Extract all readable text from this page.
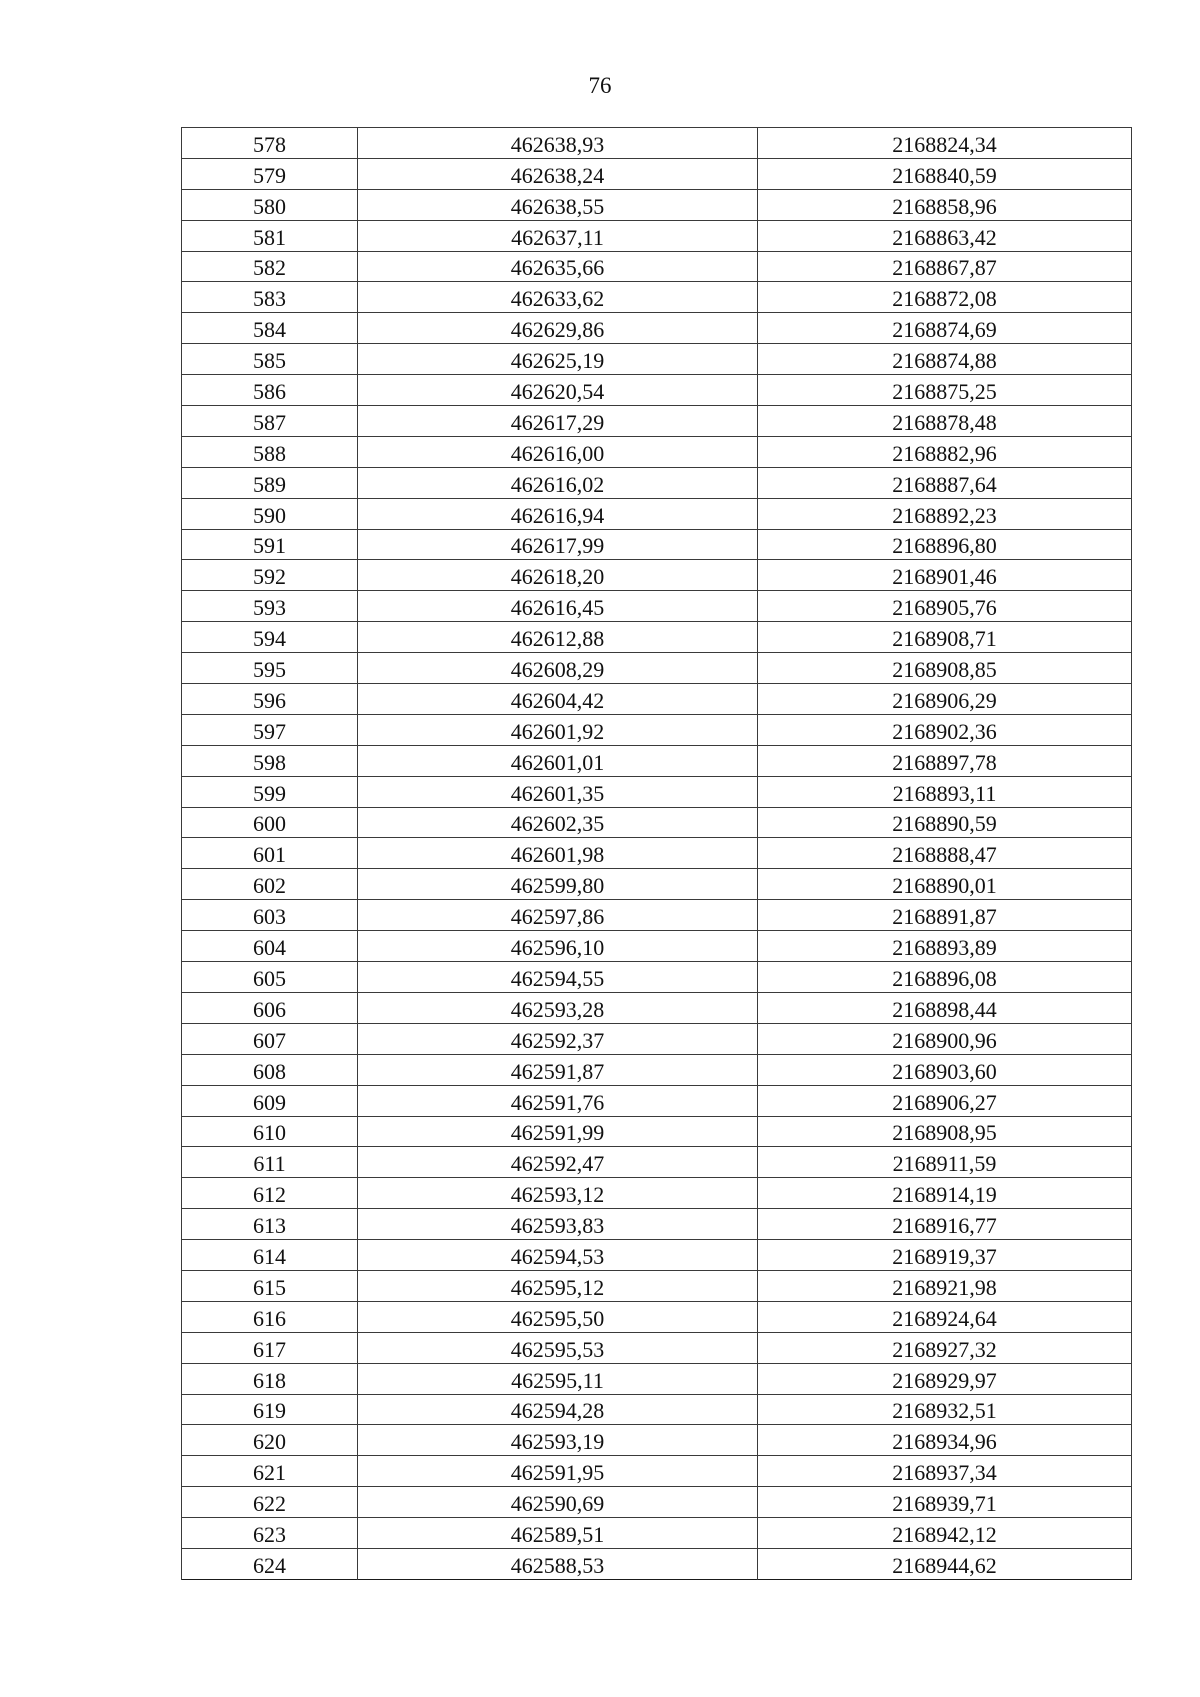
76
578	462638,93	2168824,34
579	462638,24	2168840,59
580	462638,55	2168858,96
581	462637,11	2168863,42
582	462635,66	2168867,87
583	462633,62	2168872,08
584	462629,86	2168874,69
585	462625,19	2168874,88
586	462620,54	2168875,25
587	462617,29	2168878,48
588	462616,00	2168882,96
589	462616,02	2168887,64
590	462616,94	2168892,23
591	462617,99	2168896,80
592	462618,20	2168901,46
593	462616,45	2168905,76
594	462612,88	2168908,71
595	462608,29	2168908,85
596	462604,42	2168906,29
597	462601,92	2168902,36
598	462601,01	2168897,78
599	462601,35	2168893,11
600	462602,35	2168890,59
601	462601,98	2168888,47
602	462599,80	2168890,01
603	462597,86	2168891,87
604	462596,10	2168893,89
605	462594,55	2168896,08
606	462593,28	2168898,44
607	462592,37	2168900,96
608	462591,87	2168903,60
609	462591,76	2168906,27
610	462591,99	2168908,95
611	462592,47	2168911,59
612	462593,12	2168914,19
613	462593,83	2168916,77
614	462594,53	2168919,37
615	462595,12	2168921,98
616	462595,50	2168924,64
617	462595,53	2168927,32
618	462595,11	2168929,97
619	462594,28	2168932,51
620	462593,19	2168934,96
621	462591,95	2168937,34
622	462590,69	2168939,71
623	462589,51	2168942,12
624	462588,53	2168944,62
